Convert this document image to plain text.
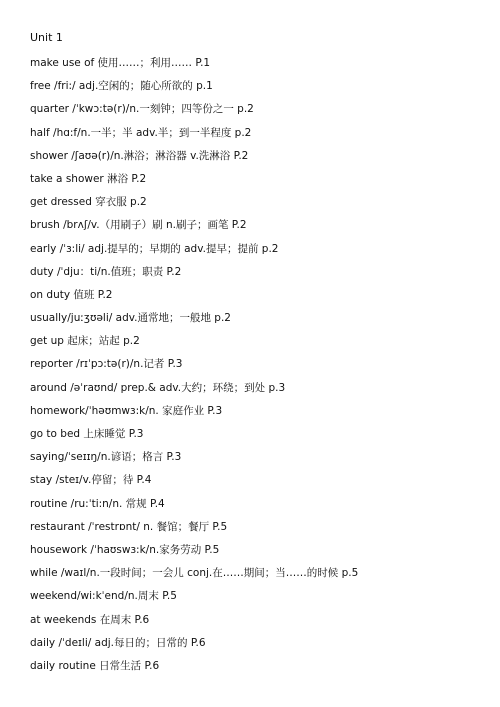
Unit 1
make use of 使用……；利用…… P.1
free /fri:/ adj.空闲的；随心所欲的 p.1
quarter /ˈkwɔ:tə(r)/n.一刻钟；四等份之一 p.2
half /hɑ:f/n.一半；半 adv.半；到一半程度 p.2
shower /ʃaʊə(r)/n.淋浴；淋浴器 v.洗淋浴 P.2
take a shower 淋浴 P.2
get dressed 穿衣服 p.2
brush /brʌʃ/v.（用刷子）刷 n.刷子；画笔 P.2
early /ˈɜ:li/ adj.提早的；早期的 adv.提早；提前 p.2
duty /ˈdju：ti/n.值班；职责 P.2
on duty 值班 P.2
usually/juːʒʊəli/ adv.通常地；一般地 p.2
get up 起床；站起 p.2
reporter /rɪˈpɔ:tə(r)/n.记者 P.3
around /əˈraʊnd/ prep.& adv.大约；环绕；到处 p.3
homework/ˈhəʊmwɜ:k/n. 家庭作业 P.3
go to bed 上床睡觉 P.3
saying/ˈseɪɪŋ/n.谚语；格言 P.3
stay /steɪ/v.停留；待 P.4
routine /ru:ˈti:n/n. 常规 P.4
restaurant /ˈrestrɒnt/ n. 餐馆；餐厅 P.5
housework /ˈhaʊswɜ:k/n.家务劳动 P.5
while /waɪl/n.一段时间；一会儿 conj.在……期间；当……的时候 p.5
weekend/wi:kˈend/n.周末 P.5
at weekends 在周末 P.6
daily /ˈdeɪli/ adj.每日的；日常的 P.6
daily routine 日常生活 P.6
